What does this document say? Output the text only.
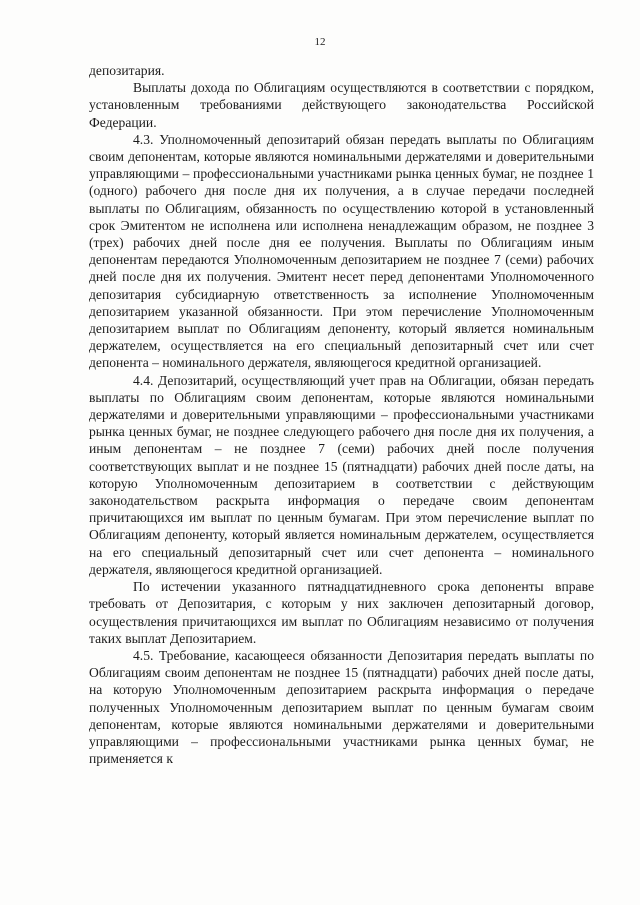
12

депозитария.

Выплаты дохода по Облигациям осуществляются в соответствии с порядком, установленным требованиями действующего законодательства Российской Федерации.

4.3. Уполномоченный депозитарий обязан передать выплаты по Облигациям своим депонентам, которые являются номинальными держателями и доверительными управляющими – профессиональными участниками рынка ценных бумаг, не позднее 1 (одного) рабочего дня после дня их получения, а в случае передачи последней выплаты по Облигациям, обязанность по осуществлению которой в установленный срок Эмитентом не исполнена или исполнена ненадлежащим образом, не позднее 3 (трех) рабочих дней после дня ее получения. Выплаты по Облигациям иным депонентам передаются Уполномоченным депозитарием не позднее 7 (семи) рабочих дней после дня их получения. Эмитент несет перед депонентами Уполномоченного депозитария субсидиарную ответственность за исполнение Уполномоченным депозитарием указанной обязанности. При этом перечисление Уполномоченным депозитарием выплат по Облигациям депоненту, который является номинальным держателем, осуществляется на его специальный депозитарный счет или счет депонента – номинального держателя, являющегося кредитной организацией.

4.4. Депозитарий, осуществляющий учет прав на Облигации, обязан передать выплаты по Облигациям своим депонентам, которые являются номинальными держателями и доверительными управляющими – профессиональными участниками рынка ценных бумаг, не позднее следующего рабочего дня после дня их получения, а иным депонентам – не позднее 7 (семи) рабочих дней после получения соответствующих выплат и не позднее 15 (пятнадцати) рабочих дней после даты, на которую Уполномоченным депозитарием в соответствии с действующим законодательством раскрыта информация о передаче своим депонентам причитающихся им выплат по ценным бумагам. При этом перечисление выплат по Облигациям депоненту, который является номинальным держателем, осуществляется на его специальный депозитарный счет или счет депонента – номинального держателя, являющегося кредитной организацией.

По истечении указанного пятнадцатидневного срока депоненты вправе требовать от Депозитария, с которым у них заключен депозитарный договор, осуществления причитающихся им выплат по Облигациям независимо от получения таких выплат Депозитарием.

4.5. Требование, касающееся обязанности Депозитария передать выплаты по Облигациям своим депонентам не позднее 15 (пятнадцати) рабочих дней после даты, на которую Уполномоченным депозитарием раскрыта информация о передаче полученных Уполномоченным депозитарием выплат по ценным бумагам своим депонентам, которые являются номинальными держателями и доверительными управляющими – профессиональными участниками рынка ценных бумаг, не применяется к
